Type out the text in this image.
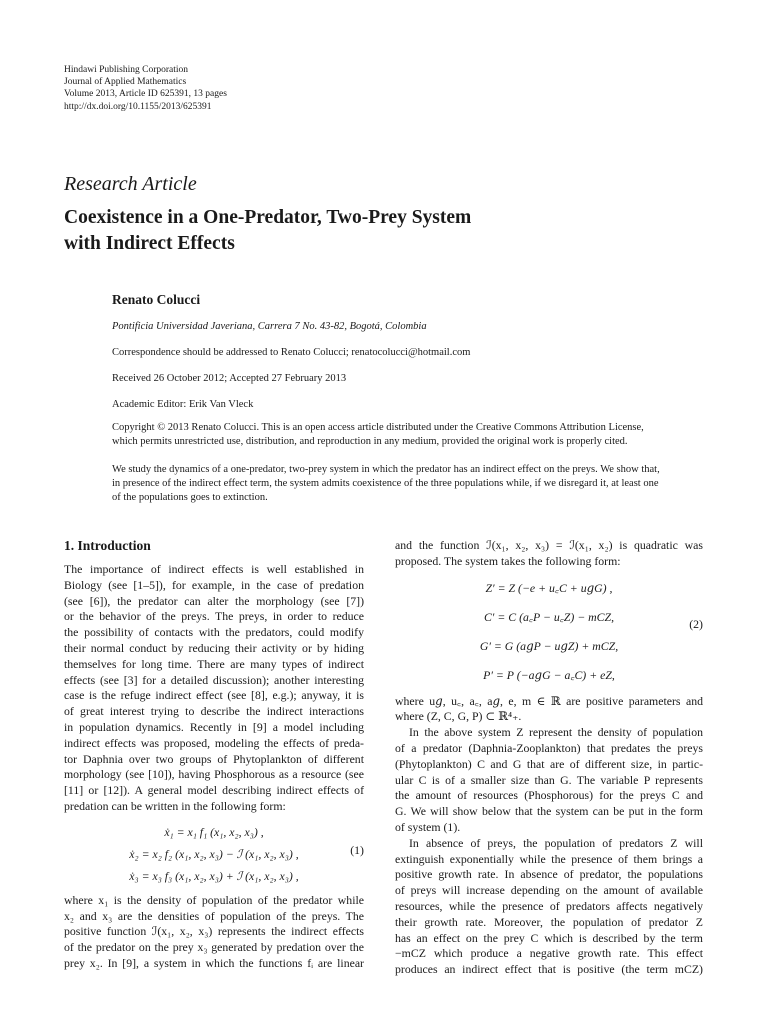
Hindawi Publishing Corporation
Journal of Applied Mathematics
Volume 2013, Article ID 625391, 13 pages
http://dx.doi.org/10.1155/2013/625391
Research Article
Coexistence in a One-Predator, Two-Prey System
with Indirect Effects
Renato Colucci
Pontificia Universidad Javeriana, Carrera 7 No. 43-82, Bogotá, Colombia
Correspondence should be addressed to Renato Colucci; renatocolucci@hotmail.com
Received 26 October 2012; Accepted 27 February 2013
Academic Editor: Erik Van Vleck
Copyright © 2013 Renato Colucci. This is an open access article distributed under the Creative Commons Attribution License,
which permits unrestricted use, distribution, and reproduction in any medium, provided the original work is properly cited.
We study the dynamics of a one-predator, two-prey system in which the predator has an indirect effect on the preys. We show that,
in presence of the indirect effect term, the system admits coexistence of the three populations while, if we disregard it, at least one
of the populations goes to extinction.
1. Introduction
The importance of indirect effects is well established in
Biology (see [1–5]), for example, in the case of predation
(see [6]), the predator can alter the morphology (see [7])
or the behavior of the preys. The preys, in order to reduce
the possibility of contacts with the predators, could modify
their normal conduct by reducing their activity or by hiding
themselves for long time. There are many types of indirect
effects (see [3] for a detailed discussion); another interesting
case is the refuge indirect effect (see [8], e.g.); anyway, it is
of great interest trying to describe the indirect interactions
in population dynamics. Recently in [9] a model including
indirect effects was proposed, modeling the effects of preda-
tor Daphnia over two groups of Phytoplankton of different
morphology (see [10]), having Phosphorous as a resource (see
[11] or [12]). A general model describing indirect effects of
predation can be written in the following form:
ẋ₁ = x₁ f₁ (x₁, x₂, x₃) ,
ẋ₂ = x₂ f₂ (x₁, x₂, x₃) − ℐ (x₁, x₂, x₃) ,
ẋ₃ = x₃ f₃ (x₁, x₂, x₃) + ℐ (x₁, x₂, x₃) ,
(1)
where x₁ is the density of population of the predator while
x₂ and x₃ are the densities of population of the preys. The
positive function ℐ(x₁, x₂, x₃) represents the indirect effects
of the predator on the prey x₃ generated by predation over the
prey x₂. In [9], a system in which the functions fᵢ are linear
and the function ℐ(x₁, x₂, x₃) = ℐ(x₁, x₂) is quadratic was
proposed. The system takes the following form:
Z′ = Z (−e + u꜀C + u𝑔G) ,
C′ = C (a꜀P − u꜀Z) − mCZ,
G′ = G (a𝑔P − u𝑔Z) + mCZ,
P′ = P (−a𝑔G − a꜀C) + eZ,
(2)
where u𝑔, u꜀, a꜀, a𝑔, e, m ∈ ℝ are positive parameters and
where (Z, C, G, P) ⊂ ℝ⁴₊.
In the above system Z represent the density of population
of a predator (Daphnia-Zooplankton) that predates the preys
(Phytoplankton) C and G that are of different size, in partic-
ular C is of a smaller size than G. The variable P represents
the amount of resources (Phosphorous) for the preys C and
G. We will show below that the system can be put in the form
of system (1).
In absence of preys, the population of predators Z will
extinguish exponentially while the presence of them brings a
positive growth rate. In absence of predator, the populations
of preys will increase depending on the amount of available
resources, while the presence of predators affects negatively
their growth rate. Moreover, the population of predator Z
has an effect on the prey C which is described by the term
−mCZ which produce a negative growth rate. This effect
produces an indirect effect that is positive (the term mCZ)
